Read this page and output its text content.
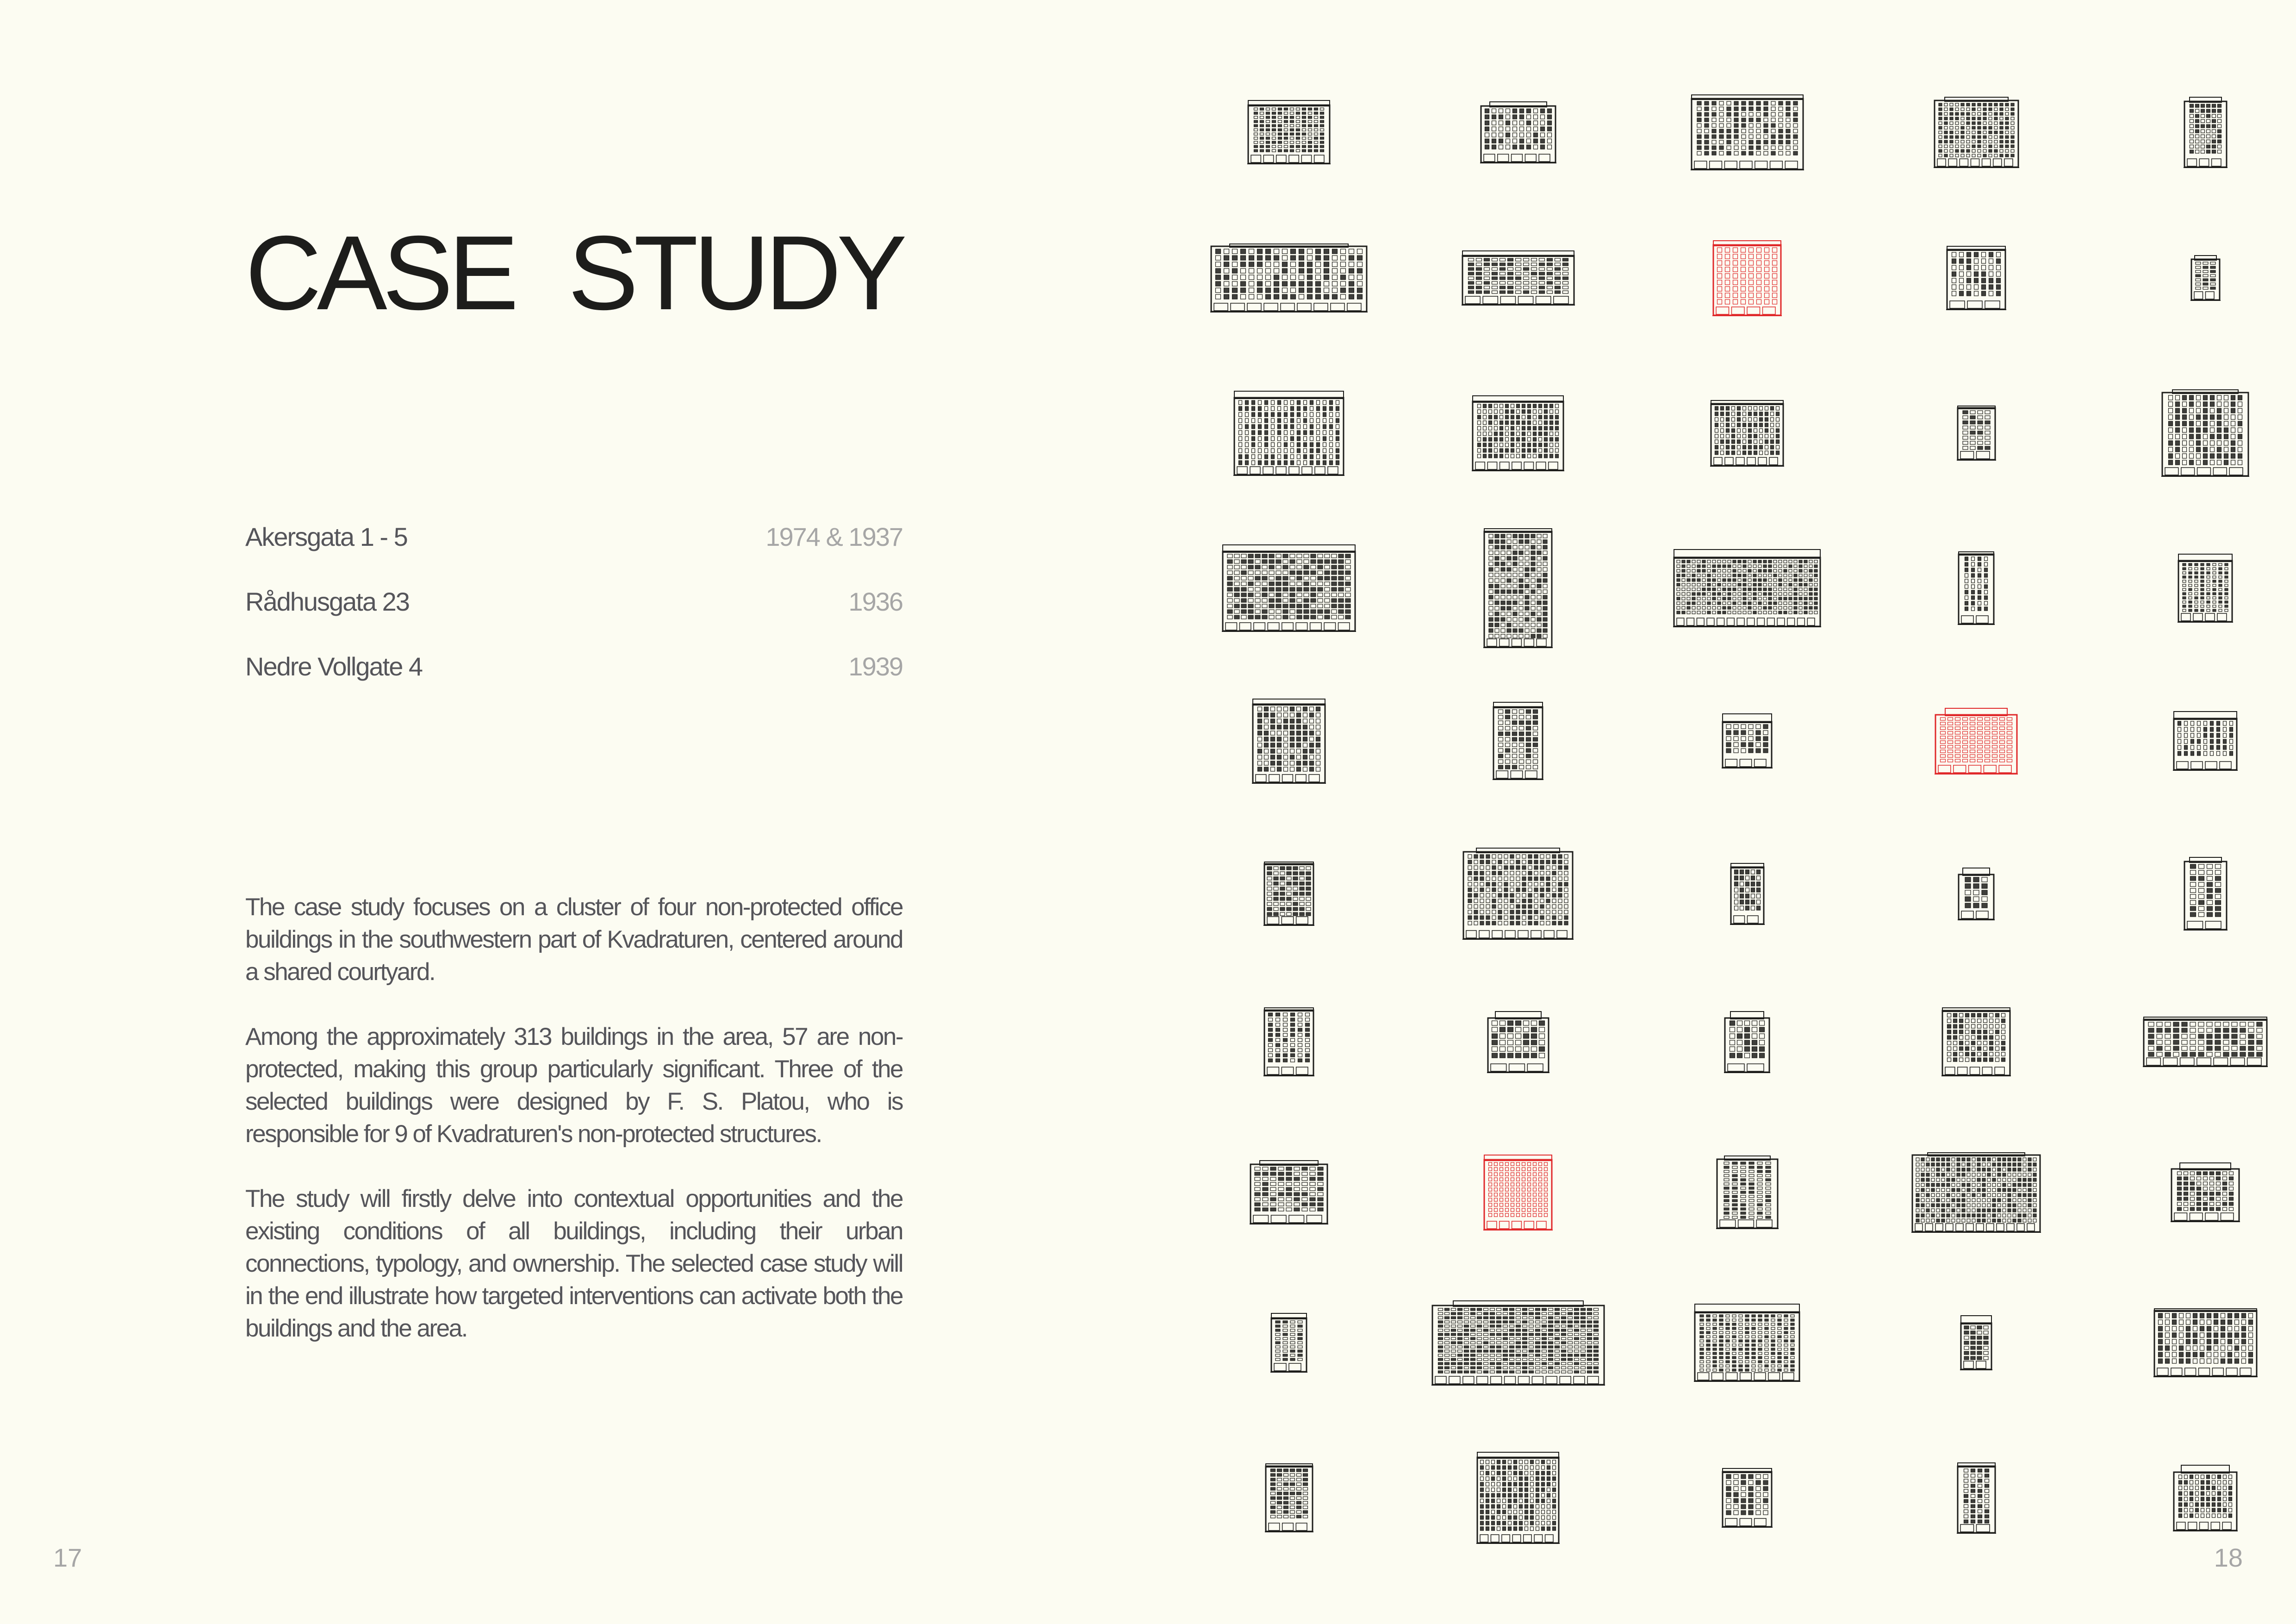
CASE STUDY
Akersgata 1 - 5	1974 & 1937
Rådhusgata 23	1936
Nedre Vollgate 4	1939

The case study focuses on a cluster of four non-protected office buildings in the southwestern part of Kvadraturen, centered around a shared courtyard.

Among the approximately 313 buildings in the area, 57 are non-protected, making this group particularly significant. Three of the selected buildings were designed by F. S. Platou, who is responsible for 9 of Kvadraturen's non-protected structures.

The study will firstly delve into contextual opportunities and the existing conditions of all buildings, including their urban connections, typology, and ownership. The selected case study will in the end illustrate how targeted interventions can activate both the buildings and the area.

17	18
